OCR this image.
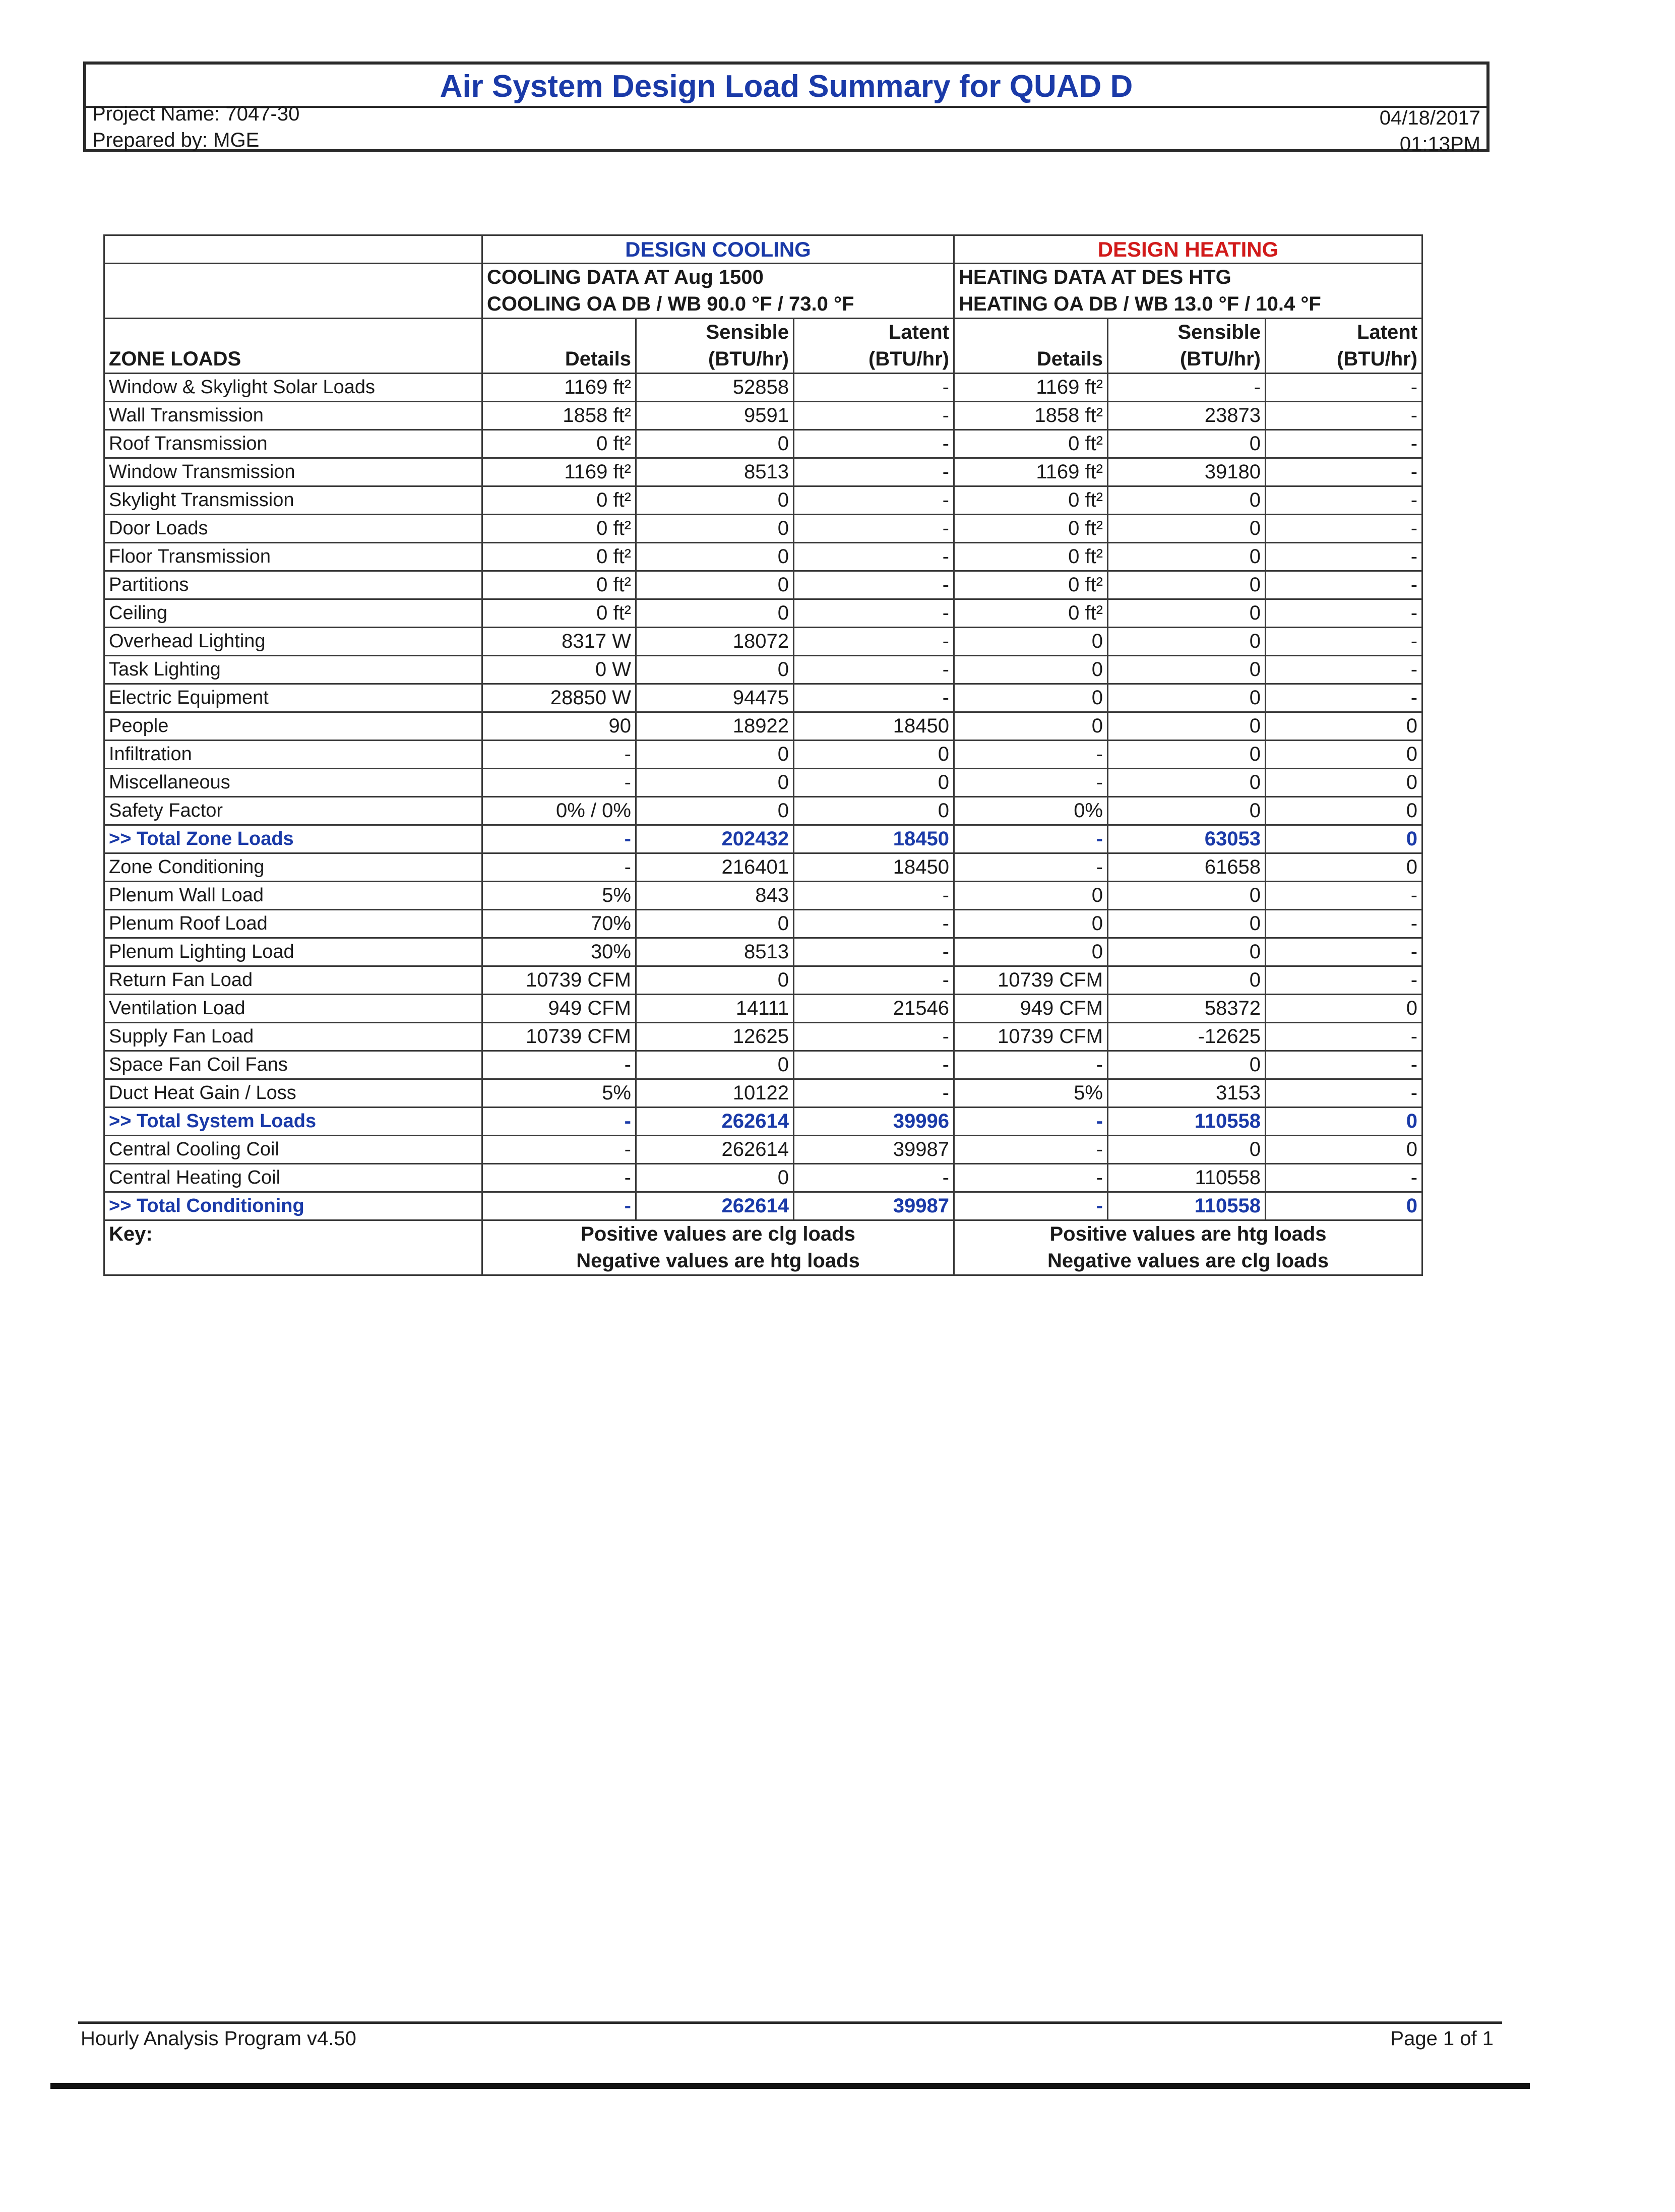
Air System Design Load Summary for QUAD D
Project Name: 7047-30
Prepared by: MGE
04/18/2017
01:13PM
	DESIGN COOLING			DESIGN HEATING		
	COOLING DATA AT Aug 1500			HEATING DATA AT DES HTG		
	COOLING OA DB / WB 90.0 °F / 73.0 °F			HEATING OA DB / WB 13.0 °F / 10.4 °F		
		Sensible	Latent		Sensible	Latent
ZONE LOADS	Details	(BTU/hr)	(BTU/hr)	Details	(BTU/hr)	(BTU/hr)
Window & Skylight Solar Loads	1169 ft²	52858	-	1169 ft²	-	-
Wall Transmission	1858 ft²	9591	-	1858 ft²	23873	-
Roof Transmission	0 ft²	0	-	0 ft²	0	-
Window Transmission	1169 ft²	8513	-	1169 ft²	39180	-
Skylight Transmission	0 ft²	0	-	0 ft²	0	-
Door Loads	0 ft²	0	-	0 ft²	0	-
Floor Transmission	0 ft²	0	-	0 ft²	0	-
Partitions	0 ft²	0	-	0 ft²	0	-
Ceiling	0 ft²	0	-	0 ft²	0	-
Overhead Lighting	8317 W	18072	-	0	0	-
Task Lighting	0 W	0	-	0	0	-
Electric Equipment	28850 W	94475	-	0	0	-
People	90	18922	18450	0	0	0
Infiltration	-	0	0	-	0	0
Miscellaneous	-	0	0	-	0	0
Safety Factor	0% / 0%	0	0	0%	0	0
>> Total Zone Loads	-	202432	18450	-	63053	0
Zone Conditioning	-	216401	18450	-	61658	0
Plenum Wall Load	5%	843	-	0	0	-
Plenum Roof Load	70%	0	-	0	0	-
Plenum Lighting Load	30%	8513	-	0	0	-
Return Fan Load	10739 CFM	0	-	10739 CFM	0	-
Ventilation Load	949 CFM	14111	21546	949 CFM	58372	0
Supply Fan Load	10739 CFM	12625	-	10739 CFM	-12625	-
Space Fan Coil Fans	-	0	-	-	0	-
Duct Heat Gain / Loss	5%	10122	-	5%	3153	-
>> Total System Loads	-	262614	39996	-	110558	0
Central Cooling Coil	-	262614	39987	-	0	0
Central Heating Coil	-	0	-	-	110558	-
>> Total Conditioning	-	262614	39987	-	110558	0
Key:	Positive values are clg loads			Positive values are htg loads		
	Negative values are htg loads			Negative values are clg loads		
Hourly Analysis Program v4.50	Page 1 of 1
